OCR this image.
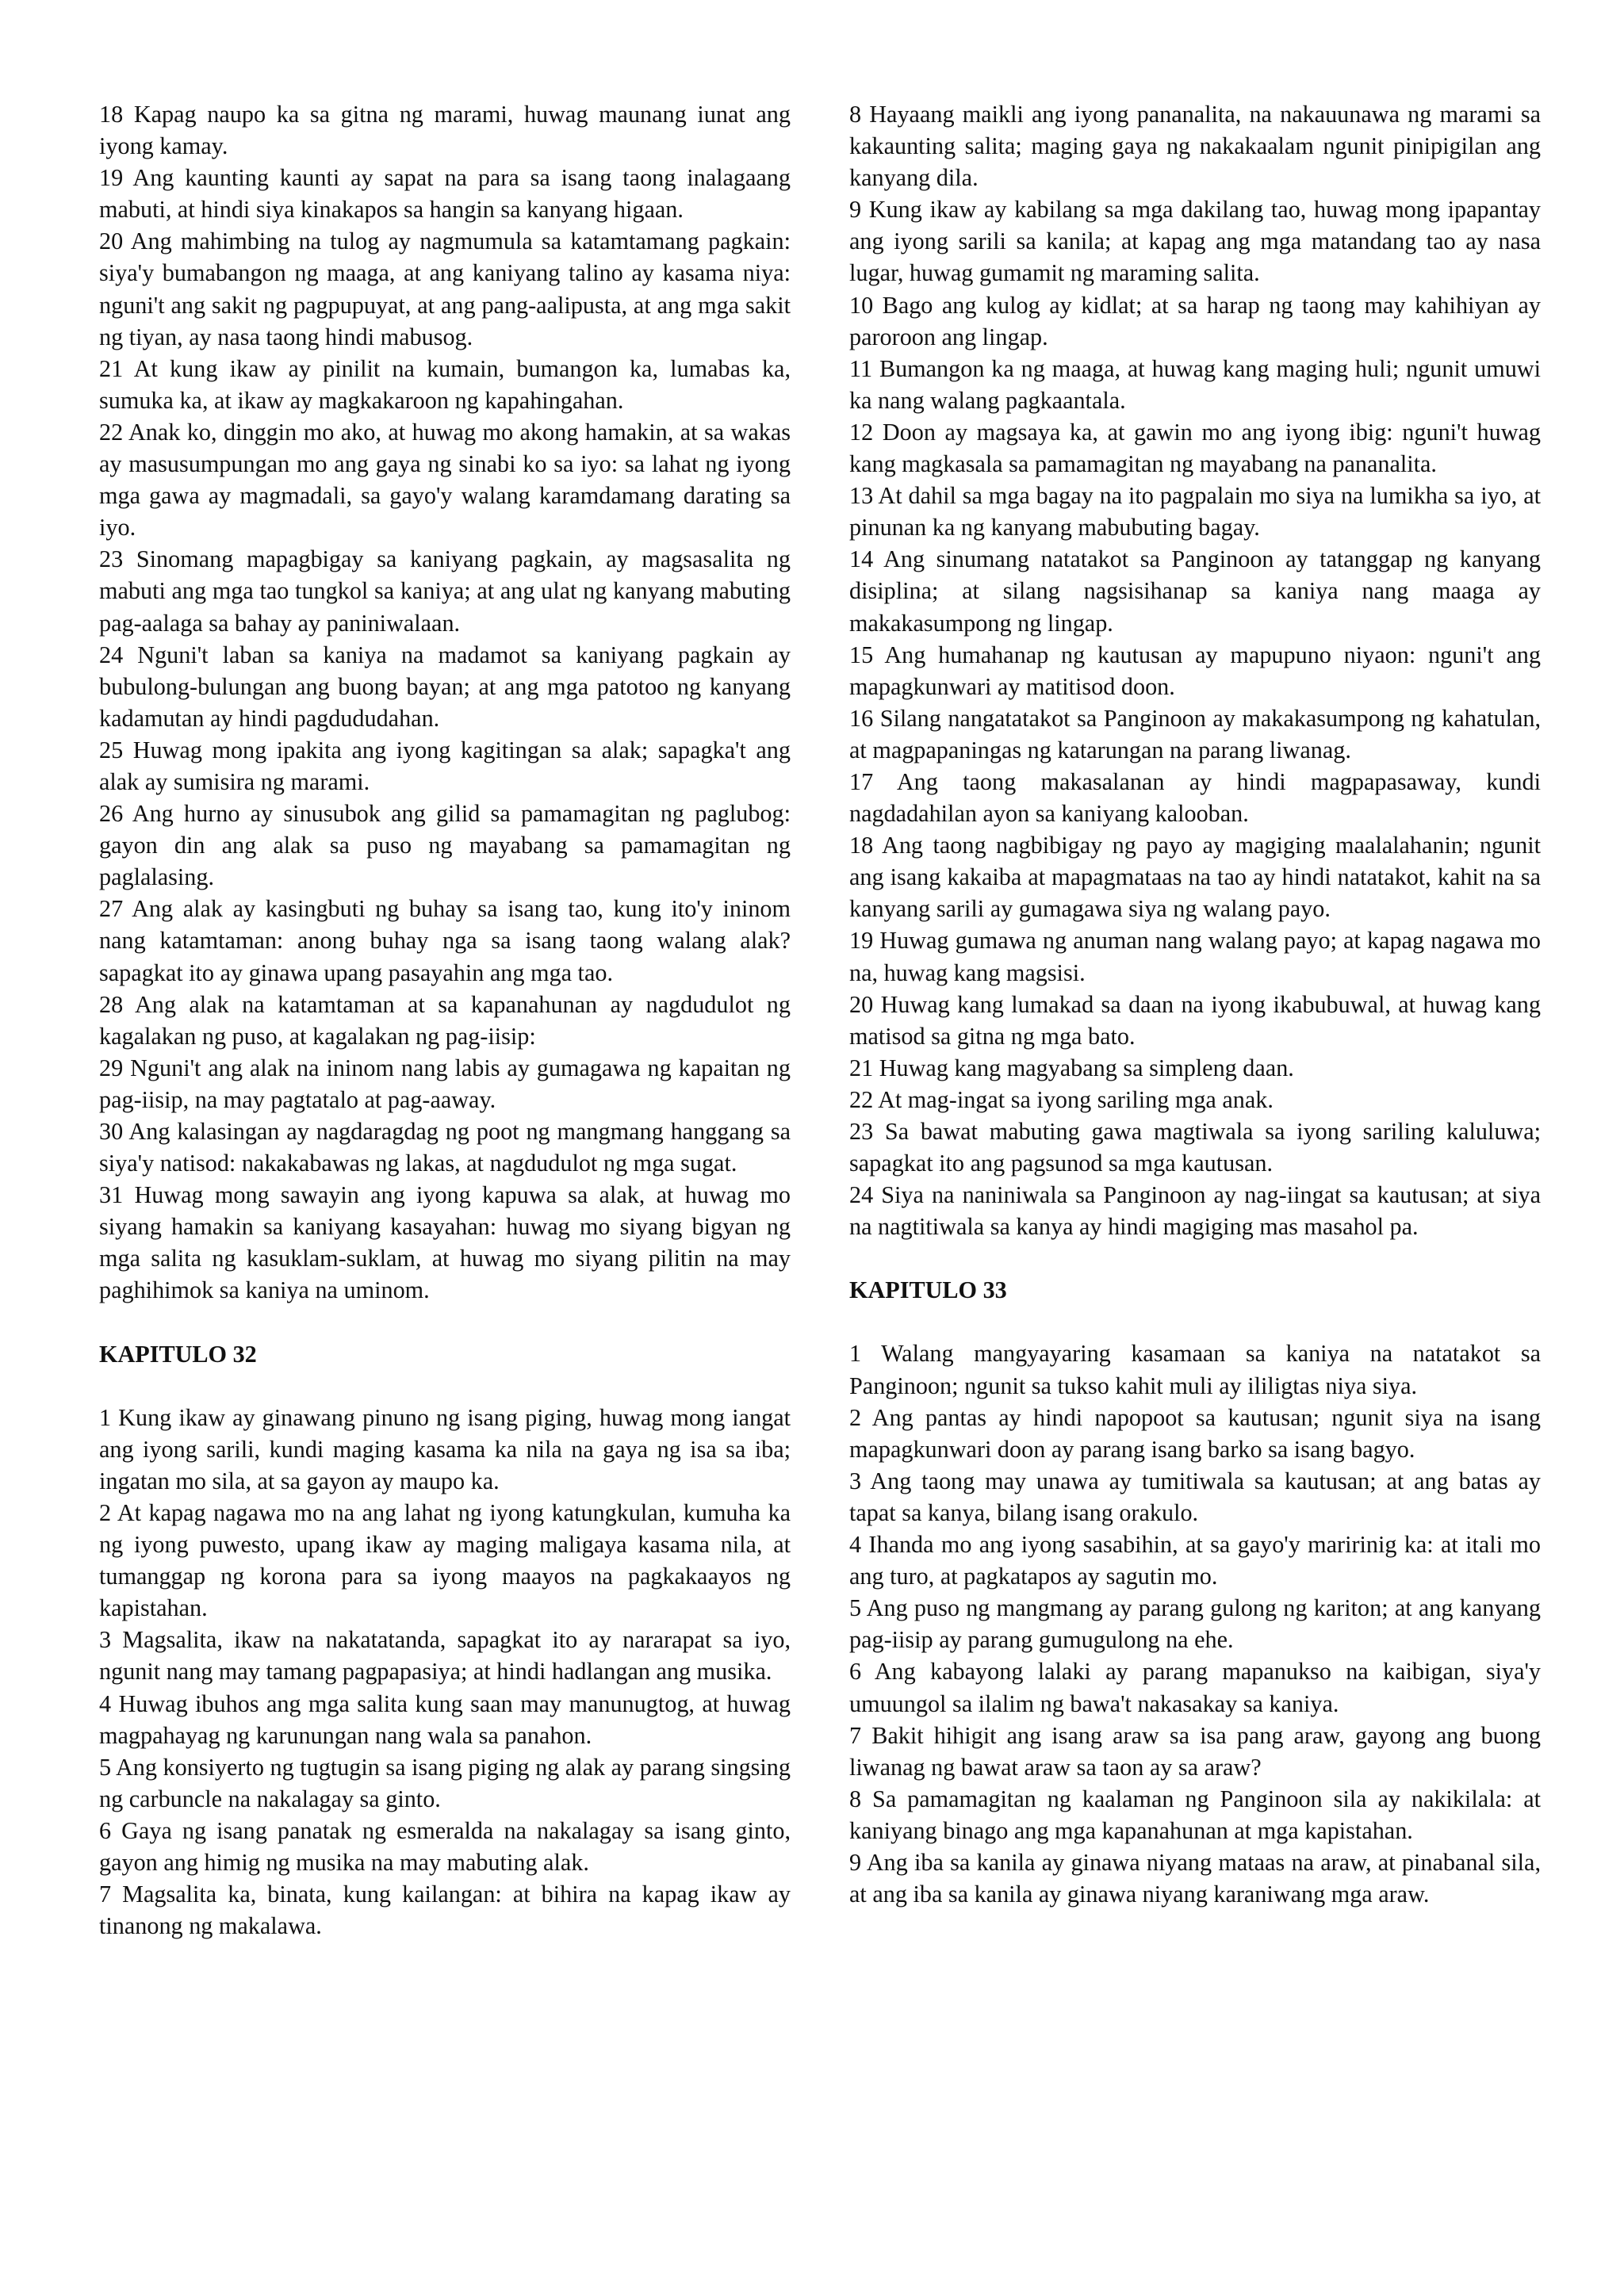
18 Kapag naupo ka sa gitna ng marami, huwag maunang iunat ang iyong kamay.

19 Ang kaunting kaunti ay sapat na para sa isang taong inalagaang mabuti, at hindi siya kinakapos sa hangin sa kanyang higaan.

20 Ang mahimbing na tulog ay nagmumula sa katamtamang pagkain: siya'y bumabangon ng maaga, at ang kaniyang talino ay kasama niya: nguni't ang sakit ng pagpupuyat, at ang pang-aalipusta, at ang mga sakit ng tiyan, ay nasa taong hindi mabusog.

21 At kung ikaw ay pinilit na kumain, bumangon ka, lumabas ka, sumuka ka, at ikaw ay magkakaroon ng kapahingahan.

22 Anak ko, dinggin mo ako, at huwag mo akong hamakin, at sa wakas ay masusumpungan mo ang gaya ng sinabi ko sa iyo: sa lahat ng iyong mga gawa ay magmadali, sa gayo'y walang karamdamang darating sa iyo.

23 Sinomang mapagbigay sa kaniyang pagkain, ay magsasalita ng mabuti ang mga tao tungkol sa kaniya; at ang ulat ng kanyang mabuting pag-aalaga sa bahay ay paniniwalaan.

24 Nguni't laban sa kaniya na madamot sa kaniyang pagkain ay bubulong-bulungan ang buong bayan; at ang mga patotoo ng kanyang kadamutan ay hindi pagdududahan.

25 Huwag mong ipakita ang iyong kagitingan sa alak; sapagka't ang alak ay sumisira ng marami.

26 Ang hurno ay sinusubok ang gilid sa pamamagitan ng paglubog: gayon din ang alak sa puso ng mayabang sa pamamagitan ng paglalasing.

27 Ang alak ay kasingbuti ng buhay sa isang tao, kung ito'y ininom nang katamtaman: anong buhay nga sa isang taong walang alak? sapagkat ito ay ginawa upang pasayahin ang mga tao.

28 Ang alak na katamtaman at sa kapanahunan ay nagdudulot ng kagalakan ng puso, at kagalakan ng pag-iisip:

29 Nguni't ang alak na ininom nang labis ay gumagawa ng kapaitan ng pag-iisip, na may pagtatalo at pag-aaway.

30 Ang kalasingan ay nagdaragdag ng poot ng mangmang hanggang sa siya'y natisod: nakakabawas ng lakas, at nagdudulot ng mga sugat.

31 Huwag mong sawayin ang iyong kapuwa sa alak, at huwag mo siyang hamakin sa kaniyang kasayahan: huwag mo siyang bigyan ng mga salita ng kasuklam-suklam, at huwag mo siyang pilitin na may paghihimok sa kaniya na uminom.

KAPITULO 32

1 Kung ikaw ay ginawang pinuno ng isang piging, huwag mong iangat ang iyong sarili, kundi maging kasama ka nila na gaya ng isa sa iba; ingatan mo sila, at sa gayon ay maupo ka.

2 At kapag nagawa mo na ang lahat ng iyong katungkulan, kumuha ka ng iyong puwesto, upang ikaw ay maging maligaya kasama nila, at tumanggap ng korona para sa iyong maayos na pagkakaayos ng kapistahan.

3 Magsalita, ikaw na nakatatanda, sapagkat ito ay nararapat sa iyo, ngunit nang may tamang pagpapasiya; at hindi hadlangan ang musika.

4 Huwag ibuhos ang mga salita kung saan may manunugtog, at huwag magpahayag ng karunungan nang wala sa panahon.

5 Ang konsiyerto ng tugtugin sa isang piging ng alak ay parang singsing ng carbuncle na nakalagay sa ginto.

6 Gaya ng isang panatak ng esmeralda na nakalagay sa isang ginto, gayon ang himig ng musika na may mabuting alak.

7 Magsalita ka, binata, kung kailangan: at bihira na kapag ikaw ay tinanong ng makalawa.

8 Hayaang maikli ang iyong pananalita, na nakauunawa ng marami sa kakaunting salita; maging gaya ng nakakaalam ngunit pinipigilan ang kanyang dila.

9 Kung ikaw ay kabilang sa mga dakilang tao, huwag mong ipapantay ang iyong sarili sa kanila; at kapag ang mga matandang tao ay nasa lugar, huwag gumamit ng maraming salita.

10 Bago ang kulog ay kidlat; at sa harap ng taong may kahihiyan ay paroroon ang lingap.

11 Bumangon ka ng maaga, at huwag kang maging huli; ngunit umuwi ka nang walang pagkaantala.

12 Doon ay magsaya ka, at gawin mo ang iyong ibig: nguni't huwag kang magkasala sa pamamagitan ng mayabang na pananalita.

13 At dahil sa mga bagay na ito pagpalain mo siya na lumikha sa iyo, at pinunan ka ng kanyang mabubuting bagay.

14 Ang sinumang natatakot sa Panginoon ay tatanggap ng kanyang disiplina; at silang nagsisihanap sa kaniya nang maaga ay makakasumpong ng lingap.

15 Ang humahanap ng kautusan ay mapupuno niyaon: nguni't ang mapagkunwari ay matitisod doon.

16 Silang nangatatakot sa Panginoon ay makakasumpong ng kahatulan, at magpapaningas ng katarungan na parang liwanag.

17 Ang taong makasalanan ay hindi magpapasaway, kundi nagdadahilan ayon sa kaniyang kalooban.

18 Ang taong nagbibigay ng payo ay magiging maalalahanin; ngunit ang isang kakaiba at mapagmataas na tao ay hindi natatakot, kahit na sa kanyang sarili ay gumagawa siya ng walang payo.

19 Huwag gumawa ng anuman nang walang payo; at kapag nagawa mo na, huwag kang magsisi.

20 Huwag kang lumakad sa daan na iyong ikabubuwal, at huwag kang matisod sa gitna ng mga bato.

21 Huwag kang magyabang sa simpleng daan.

22 At mag-ingat sa iyong sariling mga anak.

23 Sa bawat mabuting gawa magtiwala sa iyong sariling kaluluwa; sapagkat ito ang pagsunod sa mga kautusan.

24 Siya na naniniwala sa Panginoon ay nag-iingat sa kautusan; at siya na nagtitiwala sa kanya ay hindi magiging mas masahol pa.

KAPITULO 33

1 Walang mangyayaring kasamaan sa kaniya na natatakot sa Panginoon; ngunit sa tukso kahit muli ay ililigtas niya siya.

2 Ang pantas ay hindi napopoot sa kautusan; ngunit siya na isang mapagkunwari doon ay parang isang barko sa isang bagyo.

3 Ang taong may unawa ay tumitiwala sa kautusan; at ang batas ay tapat sa kanya, bilang isang orakulo.

4 Ihanda mo ang iyong sasabihin, at sa gayo'y maririnig ka: at itali mo ang turo, at pagkatapos ay sagutin mo.

5 Ang puso ng mangmang ay parang gulong ng kariton; at ang kanyang pag-iisip ay parang gumugulong na ehe.

6 Ang kabayong lalaki ay parang mapanukso na kaibigan, siya'y umuungol sa ilalim ng bawa't nakasakay sa kaniya.

7 Bakit hihigit ang isang araw sa isa pang araw, gayong ang buong liwanag ng bawat araw sa taon ay sa araw?

8 Sa pamamagitan ng kaalaman ng Panginoon sila ay nakikilala: at kaniyang binago ang mga kapanahunan at mga kapistahan.

9 Ang iba sa kanila ay ginawa niyang mataas na araw, at pinabanal sila, at ang iba sa kanila ay ginawa niyang karaniwang mga araw.
